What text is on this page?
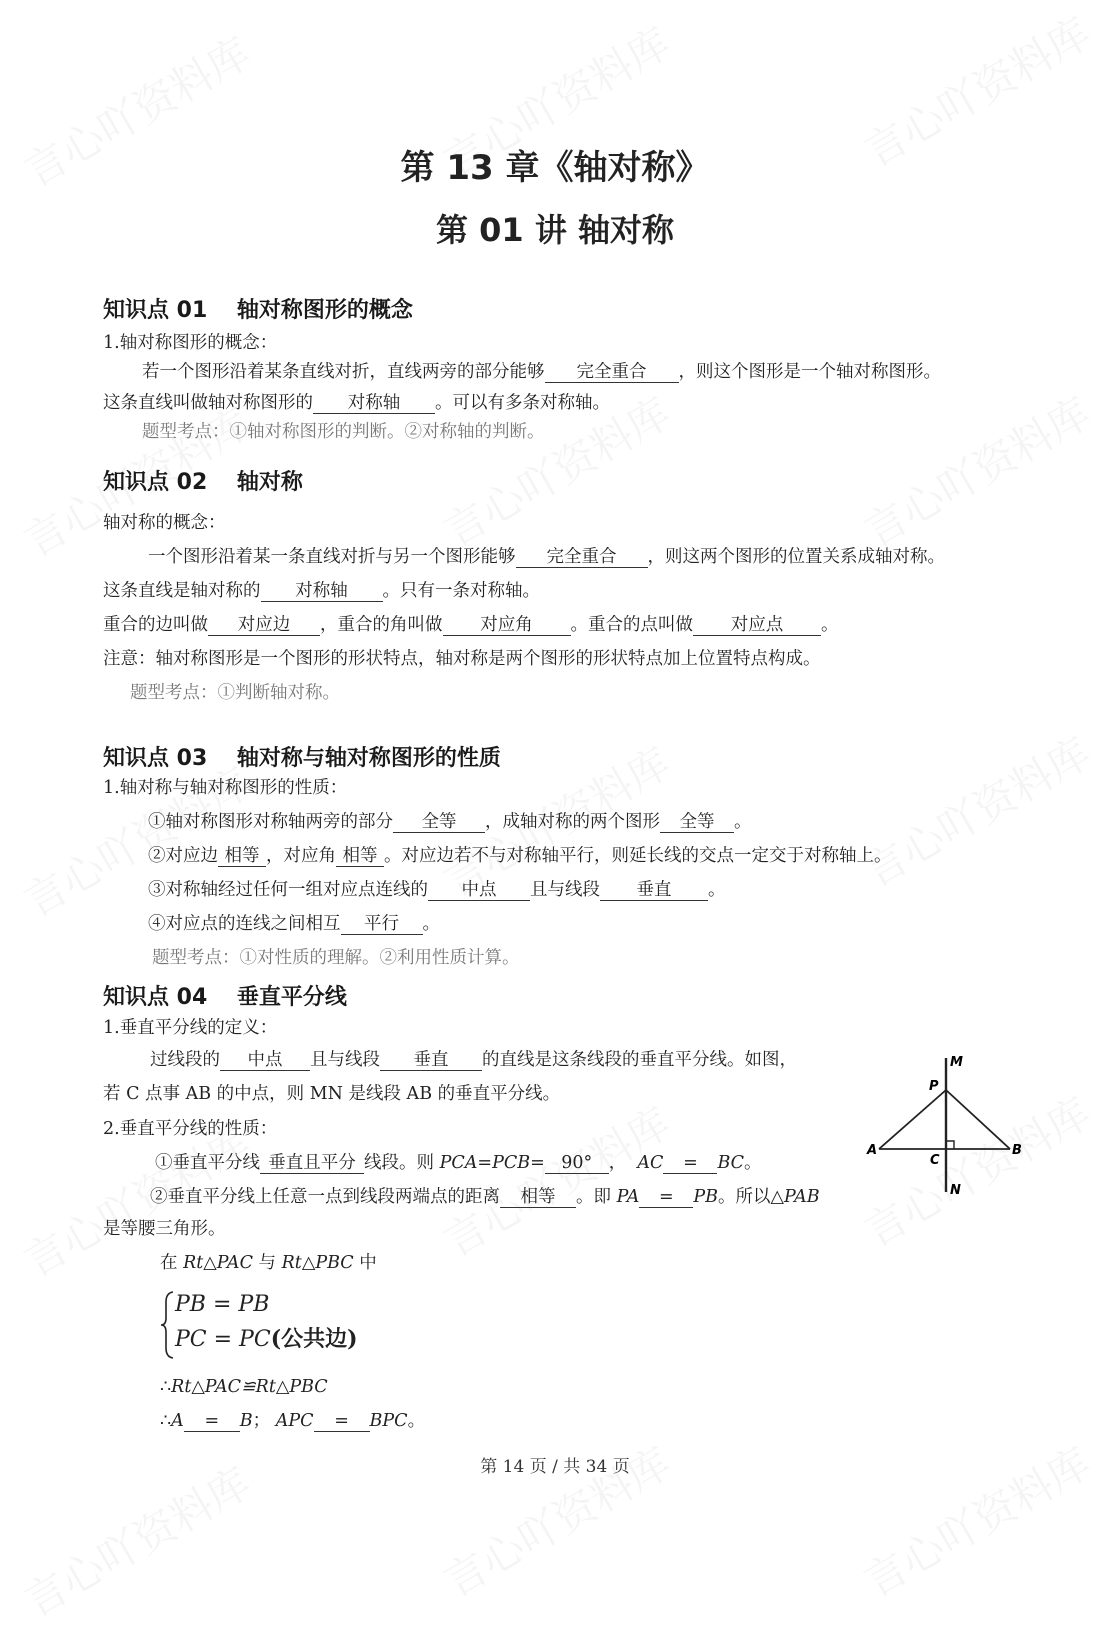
第 13 章《轴对称》
第 01 讲 轴对称
知识点 01　 轴对称图形的概念
1.轴对称图形的概念：
若一个图形沿着某条直线对折，直线两旁的部分能够 完全重合 ，则这个图形是一个轴对称图形。
这条直线叫做轴对称图形的 对称轴 。可以有多条对称轴。
题型考点：①轴对称图形的判断。②对称轴的判断。
知识点 02　 轴对称
轴对称的概念：
一个图形沿着某一条直线对折与另一个图形能够 完全重合 ，则这两个图形的位置关系成轴对称。
这条直线是轴对称的 对称轴 。只有一条对称轴。
重合的边叫做 对应边 ，重合的角叫做 对应角 。重合的点叫做 对应点 。
注意：轴对称图形是一个图形的形状特点，轴对称是两个图形的形状特点加上位置特点构成。
题型考点：①判断轴对称。
知识点 03　 轴对称与轴对称图形的性质
1.轴对称与轴对称图形的性质：
①轴对称图形对称轴两旁的部分 全等 ，成轴对称的两个图形 全等 。
②对应边 相等 ，对应角 相等 。对应边若不与对称轴平行，则延长线的交点一定交于对称轴上。
③对称轴经过任何一组对应点连线的 中点 且与线段 垂直 。
④对应点的连线之间相互 平行 。
题型考点：①对性质的理解。②利用性质计算。
知识点 04　 垂直平分线
1.垂直平分线的定义：
过线段的 中点 且与线段 垂直 的直线是这条线段的垂直平分线。如图，
若 C 点事 AB 的中点，则 MN 是线段 AB 的垂直平分线。
2.垂直平分线的性质：
①垂直平分线 垂直且平分 线段。则 PCA=PCB= 90° ， AC = BC。
②垂直平分线上任意一点到线段两端点的距离 相等 。即 PA = PB。所以△PAB
是等腰三角形。
在 Rt△PAC 与 Rt△PBC 中
PB = PB
PC = PC(公共边)
∴Rt△PAC≌Rt△PBC
∴A = B； APC = BPC。
M
P
A
C
B
N
第 14 页 / 共 34 页
